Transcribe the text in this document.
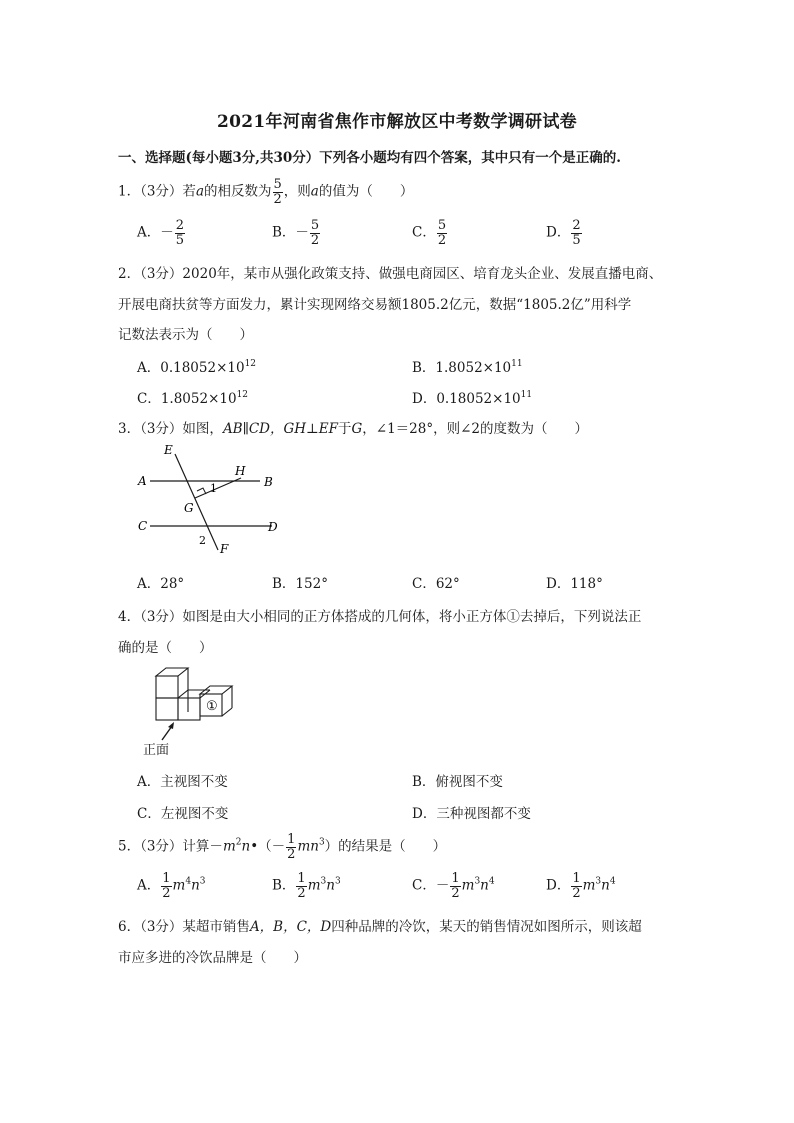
2021年河南省焦作市解放区中考数学调研试卷
一、选择题(每小题3分,共30分）下列各小题均有四个答案，其中只有一个是正确的.
1．（3分）若a的相反数为 $\frac{5}{2}$ ，则a的值为（　　）
A．－ $\frac{2}{5}$	B．－ $\frac{5}{2}$	C． $\frac{5}{2}$	D． $\frac{2}{5}$
2．（3分）2020年，某市从强化政策支持、做强电商园区、培育龙头企业、发展直播电商、
开展电商扶贫等方面发力，累计实现网络交易额1805.2亿元，数据“1805.2亿”用科学
记数法表示为（　　）
A．$0.18052\times 10^{12}$	B．$1.8052\times 10^{11}$
C．$1.8052\times 10^{12}$	D．$0.18052\times 10^{11}$
3．（3分）如图，AB∥CD，GH⊥EF于G，∠1＝28°，则∠2的度数为（　　）
E
A
H
B
1
G
C	D
2
F
A．28°	B．152°	C．62°	D．118°
4．（3分）如图是由大小相同的正方体搭成的几何体，将小正方体①去掉后，下列说法正
确的是（　　）
①
正面
A．主视图不变	B．俯视图不变
C．左视图不变	D．三种视图都不变
5．（3分）计算$-m^2n•(- \frac{1}{2} mn^3)$的结果是（　　）
A． $\frac{1}{2} m^4n^3$	B． $\frac{1}{2} m^3n^3$	C．－ $\frac{1}{2} m^3n^4$	D． $\frac{1}{2} m^3n^4$
6．（3分）某超市销售A，B，C，D四种品牌的冷饮，某天的销售情况如图所示，则该超
市应多进的冷饮品牌是（　　）
